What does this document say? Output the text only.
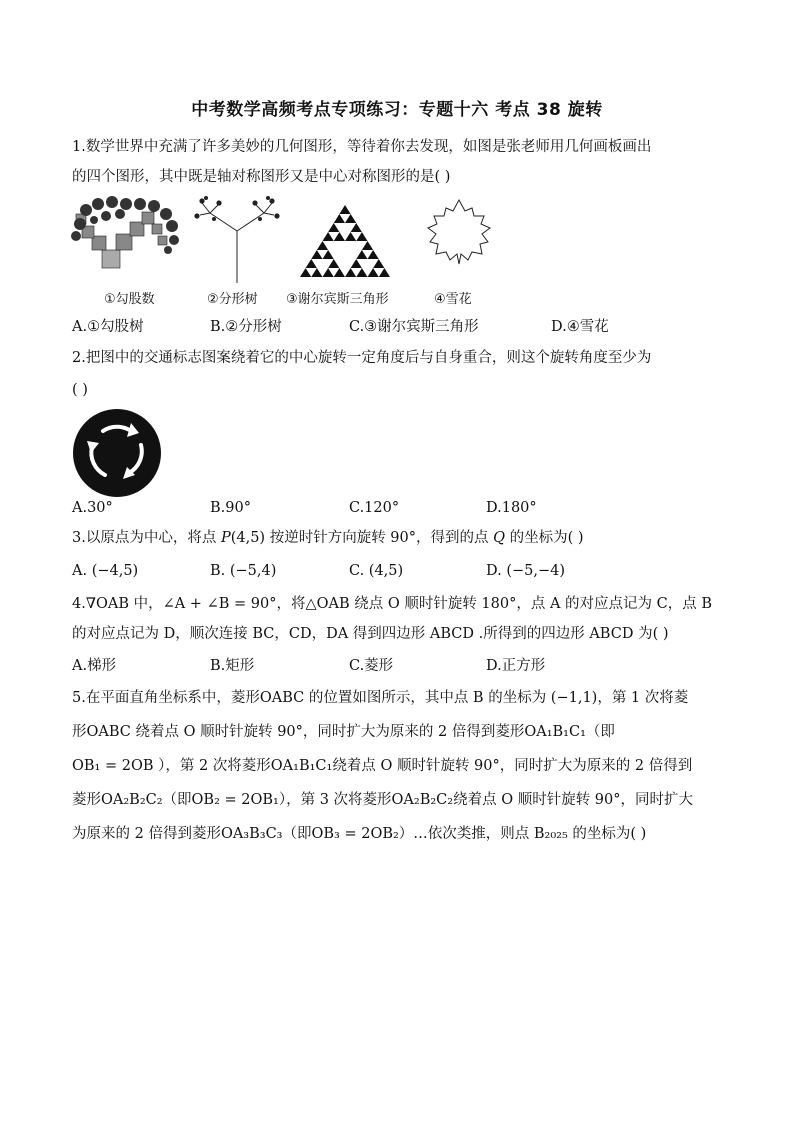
中考数学高频考点专项练习：专题十六 考点 38 旋转
1.数学世界中充满了许多美妙的几何图形，等待着你去发现，如图是张老师用几何画板画出
的四个图形，其中既是轴对称图形又是中心对称图形的是( )
①勾股数	②分形树 ③谢尔宾斯三角形	④雪花
A.①勾股树	B.②分形树	C.③谢尔宾斯三角形	D.④雪花
2.把图中的交通标志图案绕着它的中心旋转一定角度后与自身重合，则这个旋转角度至少为
( )
A.30°	B.90°	C.120°	D.180°
3.以原点为中心，将点 P(4,5) 按逆时针方向旋转 90°，得到的点 Q 的坐标为( )
A. (−4,5)	B. (−5,4)	C. (4,5)	D. (−5,−4)
4.∇OAB 中，∠A + ∠B = 90°，将△OAB 绕点 O 顺时针旋转 180°，点 A 的对应点记为 C，点 B
的对应点记为 D，顺次连接 BC，CD，DA 得到四边形 ABCD .所得到的四边形 ABCD 为( )
A.梯形	B.矩形	C.菱形	D.正方形
5.在平面直角坐标系中，菱形OABC 的位置如图所示，其中点 B 的坐标为 (−1,1)，第 1 次将菱
形OABC 绕着点 O 顺时针旋转 90°，同时扩大为原来的 2 倍得到菱形OA₁B₁C₁（即
OB₁ = 2OB ），第 2 次将菱形OA₁B₁C₁绕着点 O 顺时针旋转 90°，同时扩大为原来的 2 倍得到
菱形OA₂B₂C₂（即OB₂ = 2OB₁），第 3 次将菱形OA₂B₂C₂绕着点 O 顺时针旋转 90°，同时扩大
为原来的 2 倍得到菱形OA₃B₃C₃（即OB₃ = 2OB₂）…依次类推，则点 B₂₀₂₅ 的坐标为( )
